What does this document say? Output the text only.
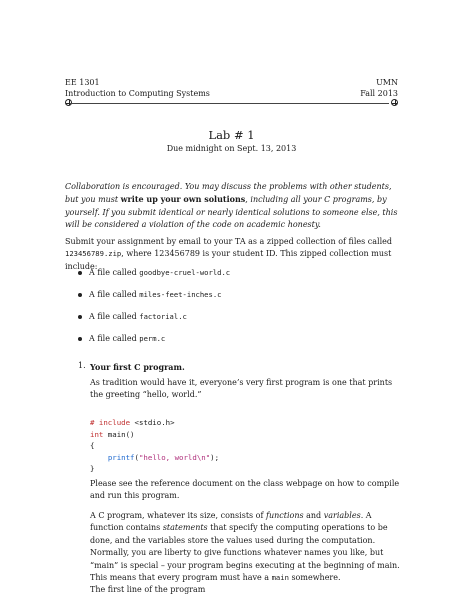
EE 1301	UMN
Introduction to Computing Systems	Fall 2013
Lab # 1
Due midnight on Sept. 13, 2013
Collaboration is encouraged. You may discuss the problems with other students, but you must write up your own solutions, including all your C programs, by yourself. If you submit identical or nearly identical solutions to someone else, this will be considered a violation of the code on academic honesty.
Submit your assignment by email to your TA as a zipped collection of files called 123456789.zip, where 123456789 is your student ID. This zipped collection must include:
A file called goodbye-cruel-world.c
A file called miles-feet-inches.c
A file called factorial.c
A file called perm.c
1. Your first C program.
As tradition would have it, everyone’s very first program is one that prints the greeting “hello, world.”
# include <stdio.h>
int main()
{
printf("hello, world\n");
}
Please see the reference document on the class webpage on how to compile and run this program.
A C program, whatever its size, consists of functions and variables. A function contains statements that specify the computing operations to be done, and the variables store the values used during the computation. Normally, you are liberty to give functions whatever names you like, but “main” is special – your program begins executing at the beginning of main. This means that every program must have a main somewhere.
The first line of the program
